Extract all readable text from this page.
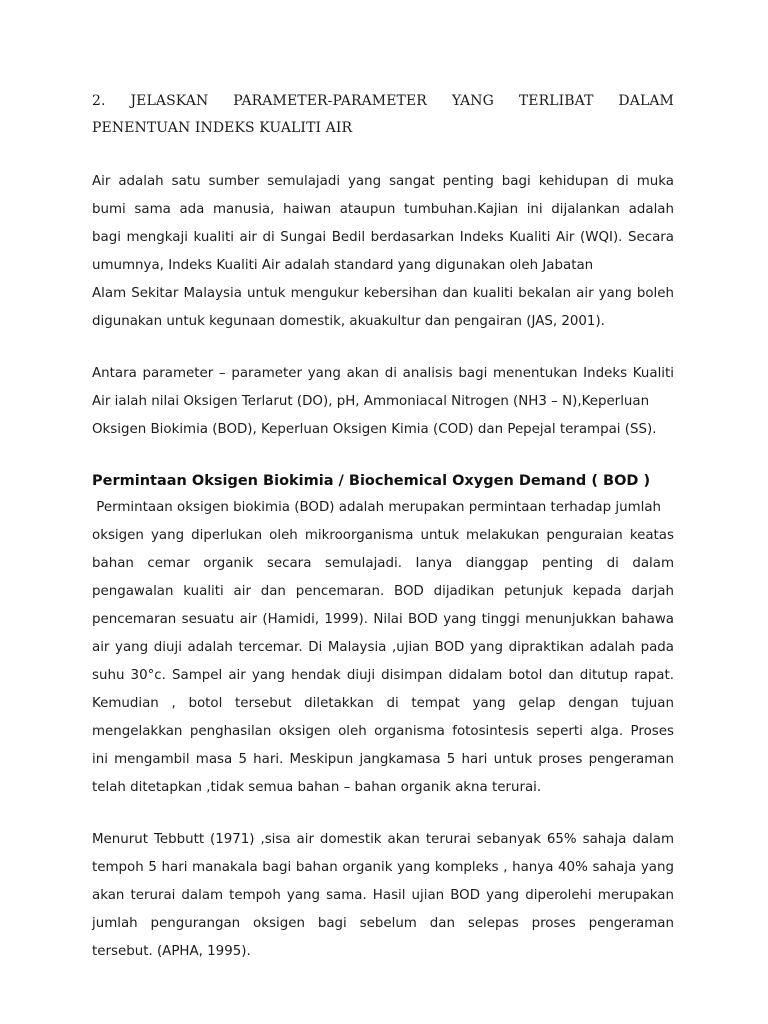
2. JELASKAN PARAMETER-PARAMETER YANG TERLIBAT DALAM
PENENTUAN INDEKS KUALITI AIR

Air adalah satu sumber semulajadi yang sangat penting bagi kehidupan di muka
bumi sama ada manusia, haiwan ataupun tumbuhan.Kajian ini dijalankan adalah
bagi mengkaji kualiti air di Sungai Bedil berdasarkan Indeks Kualiti Air (WQI). Secara
umumnya, Indeks Kualiti Air adalah standard yang digunakan oleh Jabatan
Alam Sekitar Malaysia untuk mengukur kebersihan dan kualiti bekalan air yang boleh
digunakan untuk kegunaan domestik, akuakultur dan pengairan (JAS, 2001).

Antara parameter – parameter yang akan di analisis bagi menentukan Indeks Kualiti
Air ialah nilai Oksigen Terlarut (DO), pH, Ammoniacal Nitrogen (NH3 – N),Keperluan
Oksigen Biokimia (BOD), Keperluan Oksigen Kimia (COD) dan Pepejal terampai (SS).

Permintaan Oksigen Biokimia / Biochemical Oxygen Demand ( BOD )

Permintaan oksigen biokimia (BOD) adalah merupakan permintaan terhadap jumlah
oksigen yang diperlukan oleh mikroorganisma untuk melakukan penguraian keatas
bahan cemar organik secara semulajadi. Ianya dianggap penting di dalam
pengawalan kualiti air dan pencemaran. BOD dijadikan petunjuk kepada darjah
pencemaran sesuatu air (Hamidi, 1999). Nilai BOD yang tinggi menunjukkan bahawa
air yang diuji adalah tercemar. Di Malaysia ,ujian BOD yang dipraktikan adalah pada
suhu 30°c. Sampel air yang hendak diuji disimpan didalam botol dan ditutup rapat.
Kemudian , botol tersebut diletakkan di tempat yang gelap dengan tujuan
mengelakkan penghasilan oksigen oleh organisma fotosintesis seperti alga. Proses
ini mengambil masa 5 hari. Meskipun jangkamasa 5 hari untuk proses pengeraman
telah ditetapkan ,tidak semua bahan – bahan organik akna terurai.

Menurut Tebbutt (1971) ,sisa air domestik akan terurai sebanyak 65% sahaja dalam
tempoh 5 hari manakala bagi bahan organik yang kompleks , hanya 40% sahaja yang
akan terurai dalam tempoh yang sama. Hasil ujian BOD yang diperolehi merupakan
jumlah pengurangan oksigen bagi sebelum dan selepas proses pengeraman
tersebut. (APHA, 1995).
